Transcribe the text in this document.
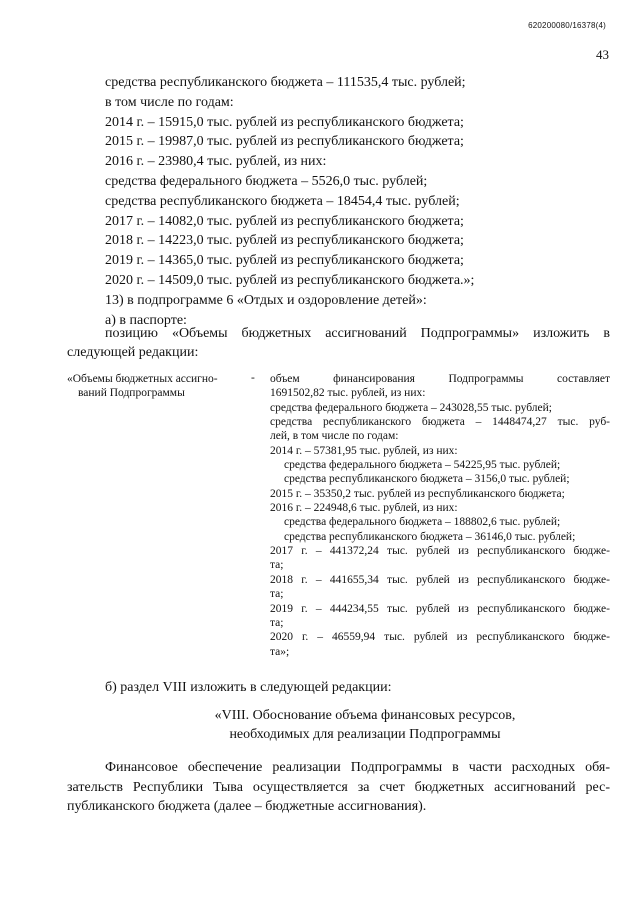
620200080/16378(4)
43
средства республиканского бюджета – 111535,4 тыс. рублей;
в том числе по годам:
2014 г. – 15915,0 тыс. рублей из республиканского бюджета;
2015 г. – 19987,0 тыс. рублей из республиканского бюджета;
2016 г. – 23980,4 тыс. рублей, из них:
средства федерального бюджета – 5526,0 тыс. рублей;
средства республиканского бюджета – 18454,4 тыс. рублей;
2017 г. – 14082,0 тыс. рублей из республиканского бюджета;
2018 г. – 14223,0 тыс. рублей из республиканского бюджета;
2019 г. – 14365,0 тыс. рублей из республиканского бюджета;
2020 г. – 14509,0 тыс. рублей из республиканского бюджета.»;
13) в подпрограмме 6 «Отдых и оздоровление детей»:
а) в паспорте:
позицию «Объемы бюджетных ассигнований Подпрограммы» изложить в
следующей редакции:
«Объемы бюджетных ассигно-
ваний Подпрограммы
- объем финансирования Подпрограммы составляет
1691502,82 тыс. рублей, из них:
средства федерального бюджета – 243028,55 тыс. рублей;
средства республиканского бюджета – 1448474,27 тыс. руб-
лей, в том числе по годам:
2014 г. – 57381,95 тыс. рублей, из них:
средства федерального бюджета – 54225,95 тыс. рублей;
средства республиканского бюджета – 3156,0 тыс. рублей;
2015 г. – 35350,2 тыс. рублей из республиканского бюджета;
2016 г. – 224948,6 тыс. рублей, из них:
средства федерального бюджета – 188802,6 тыс. рублей;
средства республиканского бюджета – 36146,0 тыс. рублей;
2017 г. – 441372,24 тыс. рублей из республиканского бюдже-
та;
2018 г. – 441655,34 тыс. рублей из республиканского бюдже-
та;
2019 г. – 444234,55 тыс. рублей из республиканского бюдже-
та;
2020 г. – 46559,94 тыс. рублей из республиканского бюдже-
та»;
б) раздел VIII изложить в следующей редакции:
«VIII. Обоснование объема финансовых ресурсов,
необходимых для реализации Подпрограммы
Финансовое обеспечение реализации Подпрограммы в части расходных обя-
зательств Республики Тыва осуществляется за счет бюджетных ассигнований рес-
публиканского бюджета (далее – бюджетные ассигнования).
